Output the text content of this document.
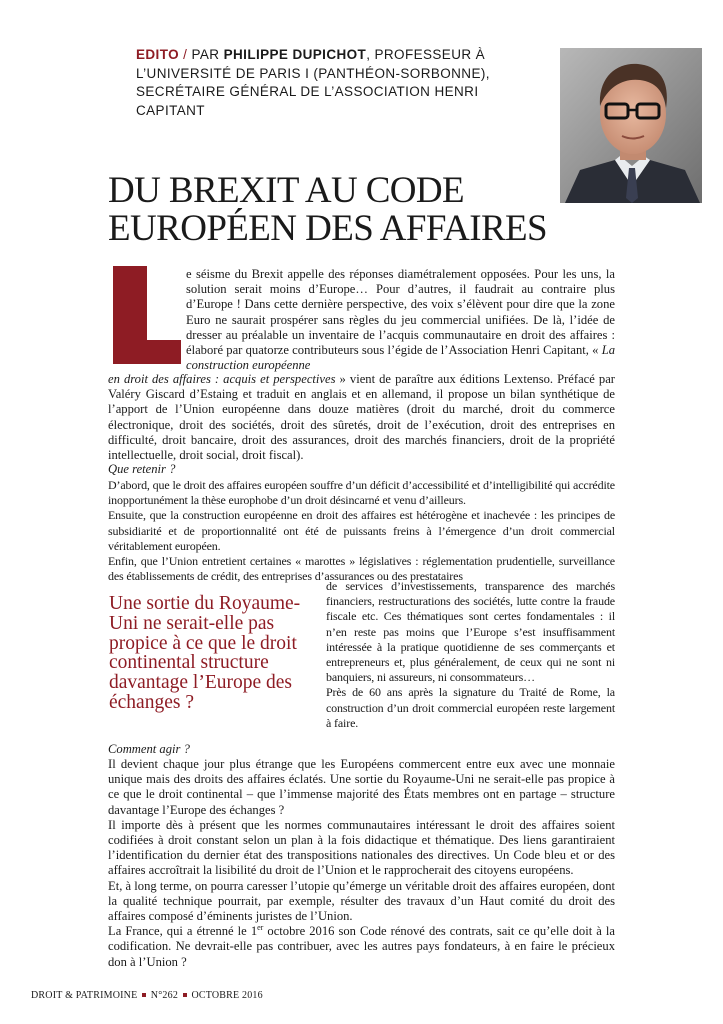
EDITO / PAR PHILIPPE DUPICHOT, PROFESSEUR À L’UNIVERSITÉ DE PARIS I (PANTHÉON-SORBONNE), SECRÉTAIRE GÉNÉRAL DE L’ASSOCIATION HENRI CAPITANT
DU BREXIT AU CODE
EUROPÉEN DES AFFAIRES
e séisme du Brexit appelle des réponses diamétralement opposées. Pour les uns, la solution serait moins d’Europe… Pour d’autres, il faudrait au contraire plus d’Europe ! Dans cette dernière perspective, des voix s’élèvent pour dire que la zone Euro ne saurait prospérer sans règles du jeu commercial unifiées. De là, l’idée de dresser au préalable un inventaire de l’acquis communautaire en droit des affaires : élaboré par quatorze contributeurs sous l’égide de l’Association Henri Capitant, « La construction européenne
en droit des affaires : acquis et perspectives » vient de paraître aux éditions Lextenso. Préfacé par Valéry Giscard d’Estaing et traduit en anglais et en allemand, il propose un bilan synthétique de l’apport de l’Union européenne dans douze matières (droit du marché, droit du commerce électronique, droit des sociétés, droit des sûretés, droit de l’exécution, droit des entreprises en difficulté, droit bancaire, droit des assurances, droit des marchés financiers, droit de la propriété intellectuelle, droit social, droit fiscal).
Que retenir ?

D’abord, que le droit des affaires européen souffre d’un déficit d’accessibilité et d’intelligibilité qui accrédite inopportunément la thèse europhobe d’un droit désincarné et venu d’ailleurs.

Ensuite, que la construction européenne en droit des affaires est hétérogène et inachevée : les principes de subsidiarité et de proportionnalité ont été de puissants freins à l’émergence d’un droit commercial véritablement européen.

Enfin, que l’Union entretient certaines « marottes » législatives : réglementation prudentielle, surveillance des établissements de crédit, des entreprises d’assurances ou des prestataires

de services d’investissements, transparence des marchés financiers, restructurations des sociétés, lutte contre la fraude fiscale etc. Ces thématiques sont certes fondamentales : il n’en reste pas moins que l’Europe s’est insuffisamment intéressée à la pratique quotidienne de ses commerçants et entrepreneurs et, plus généralement, de ceux qui ne sont ni banquiers, ni assureurs, ni consommateurs…

Près de 60 ans après la signature du Traité de Rome, la construction d’un droit commercial européen reste largement à faire.

Une sortie du Royaume-Uni ne serait-elle pas propice à ce que le droit continental structure davantage l’Europe des échanges ?
Comment agir ?

Il devient chaque jour plus étrange que les Européens commercent entre eux avec une monnaie unique mais des droits des affaires éclatés. Une sortie du Royaume-Uni ne serait-elle pas propice à ce que le droit continental – que l’immense majorité des États membres ont en partage – structure davantage l’Europe des échanges ?

Il importe dès à présent que les normes communautaires intéressant le droit des affaires soient codifiées à droit constant selon un plan à la fois didactique et thématique. Des liens garantiraient l’identification du dernier état des transpositions nationales des directives. Un Code bleu et or des affaires accroîtrait la lisibilité du droit de l’Union et le rapprocherait des citoyens européens.

Et, à long terme, on pourra caresser l’utopie qu’émerge un véritable droit des affaires européen, dont la qualité technique pourrait, par exemple, résulter des travaux d’un Haut comité du droit des affaires composé d’éminents juristes de l’Union.

La France, qui a étrenné le 1er octobre 2016 son Code rénové des contrats, sait ce qu’elle doit à la codification. Ne devrait-elle pas contribuer, avec les autres pays fondateurs, à en faire le précieux don à l’Union ?

DROIT & PATRIMOINE N°262 OCTOBRE 2016
